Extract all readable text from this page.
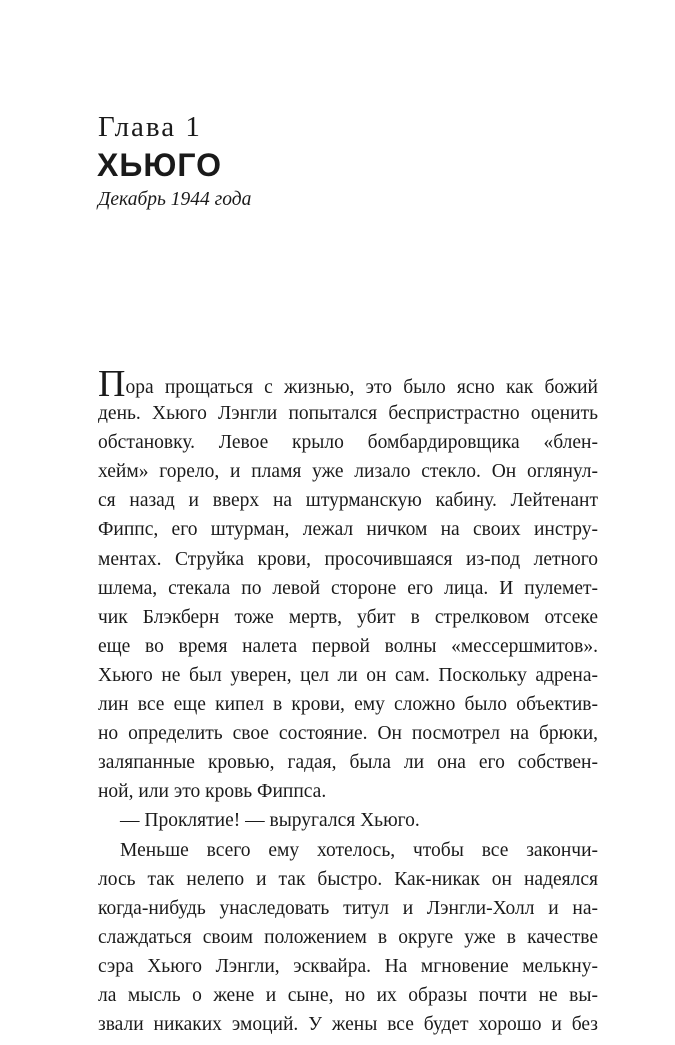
Глава 1
ХЬЮГО
Декабрь 1944 года
Пора прощаться с жизнью, это было ясно как божий
день. Хьюго Лэнгли попытался беспристрастно оценить
обстановку. Левое крыло бомбардировщика «блен-
хейм» горело, и пламя уже лизало стекло. Он оглянул-
ся назад и вверх на штурманскую кабину. Лейтенант
Фиппс, его штурман, лежал ничком на своих инстру-
ментах. Струйка крови, просочившаяся из-под летного
шлема, стекала по левой стороне его лица. И пулемет-
чик Блэкберн тоже мертв, убит в стрелковом отсеке
еще во время налета первой волны «мессершмитов».
Хьюго не был уверен, цел ли он сам. Поскольку адрена-
лин все еще кипел в крови, ему сложно было объектив-
но определить свое состояние. Он посмотрел на брюки,
заляпанные кровью, гадая, была ли она его собствен-
ной, или это кровь Фиппса.
— Проклятие! — выругался Хьюго.
Меньше всего ему хотелось, чтобы все закончи-
лось так нелепо и так быстро. Как-никак он надеялся
когда-нибудь унаследовать титул и Лэнгли-Холл и на-
слаждаться своим положением в округе уже в качестве
сэра Хьюго Лэнгли, эсквайра. На мгновение мелькну-
ла мысль о жене и сыне, но их образы почти не вы-
звали никаких эмоций. У жены все будет хорошо и без
